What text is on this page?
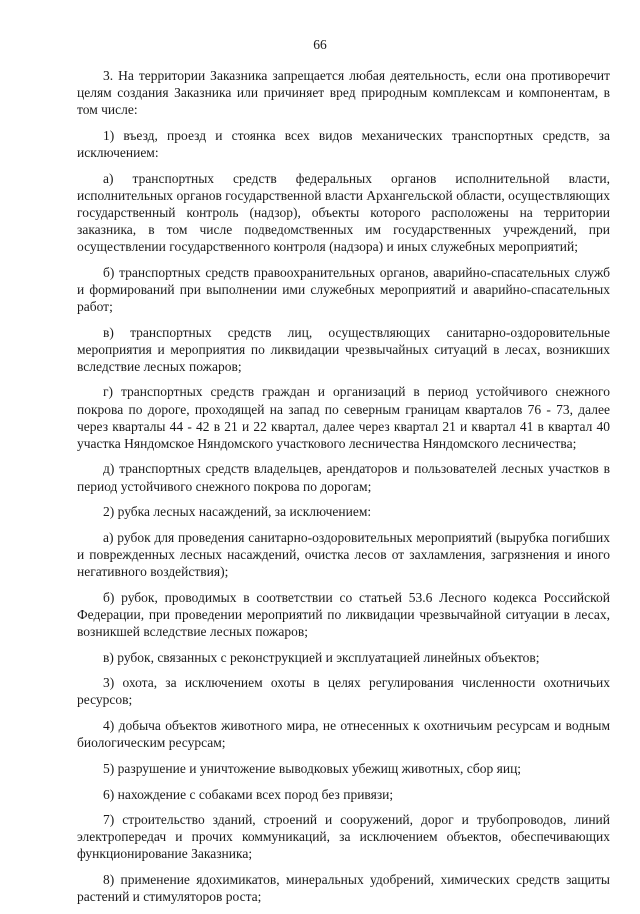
66

3. На территории Заказника запрещается любая деятельность, если она противоречит целям создания Заказника или причиняет вред природным комплексам и компонентам, в том числе:

1) въезд, проезд и стоянка всех видов механических транспортных средств, за исключением:

а) транспортных средств федеральных органов исполнительной власти, исполнительных органов государственной власти Архангельской области, осуществляющих государственный контроль (надзор), объекты которого расположены на территории заказника, в том числе подведомственных им государственных учреждений, при осуществлении государственного контроля (надзора) и иных служебных мероприятий;

б) транспортных средств правоохранительных органов, аварийно-спасательных служб и формирований при выполнении ими служебных мероприятий и аварийно-спасательных работ;

в) транспортных средств лиц, осуществляющих санитарно-оздоровительные мероприятия и мероприятия по ликвидации чрезвычайных ситуаций в лесах, возникших вследствие лесных пожаров;

г) транспортных средств граждан и организаций в период устойчивого снежного покрова по дороге, проходящей на запад по северным границам кварталов 76 - 73, далее через кварталы 44 - 42 в 21 и 22 квартал, далее через квартал 21 и квартал 41 в квартал 40 участка Няндомское Няндомского участкового лесничества Няндомского лесничества;

д) транспортных средств владельцев, арендаторов и пользователей лесных участков в период устойчивого снежного покрова по дорогам;

2) рубка лесных насаждений, за исключением:

а) рубок для проведения санитарно-оздоровительных мероприятий (вырубка погибших и поврежденных лесных насаждений, очистка лесов от захламления, загрязнения и иного негативного воздействия);

б) рубок, проводимых в соответствии со статьей 53.6 Лесного кодекса Российской Федерации, при проведении мероприятий по ликвидации чрезвычайной ситуации в лесах, возникшей вследствие лесных пожаров;

в) рубок, связанных с реконструкцией и эксплуатацией линейных объектов;

3) охота, за исключением охоты в целях регулирования численности охотничьих ресурсов;

4) добыча объектов животного мира, не отнесенных к охотничьим ресурсам и водным биологическим ресурсам;

5) разрушение и уничтожение выводковых убежищ животных, сбор яиц;

6) нахождение с собаками всех пород без привязи;

7) строительство зданий, строений и сооружений, дорог и трубопроводов, линий электропередач и прочих коммуникаций, за исключением объектов, обеспечивающих функционирование Заказника;

8) применение ядохимикатов, минеральных удобрений, химических средств защиты растений и стимуляторов роста;
